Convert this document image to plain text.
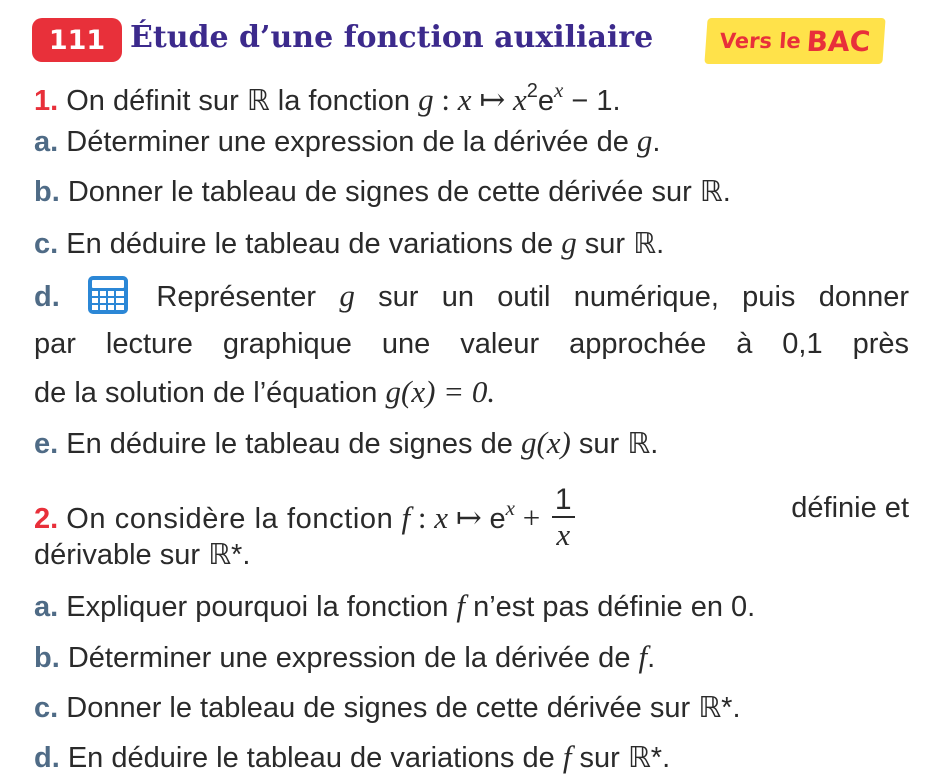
111 Étude d’une fonction auxiliaire	Vers le BAC
1. On définit sur ℝ la fonction g : x ↦ $x^2e^x - 1$.
a. Déterminer une expression de la dérivée de g.
b. Donner le tableau de signes de cette dérivée sur ℝ.
c. En déduire le tableau de variations de g sur ℝ.
d.	Représenter g sur un outil numérique, puis donner
par lecture graphique une valeur approchée à 0,1 près
de la solution de l’équation g(x) = 0.
e. En déduire le tableau de signes de g(x) sur ℝ.
2. On considère la fonction f : x ↦ $e^x + \frac{1}{x}$	définie et
dérivable sur ℝ*.
a. Expliquer pourquoi la fonction f n’est pas définie en 0.
b. Déterminer une expression de la dérivée de f.
c. Donner le tableau de signes de cette dérivée sur ℝ*.
d. En déduire le tableau de variations de f sur ℝ*.
